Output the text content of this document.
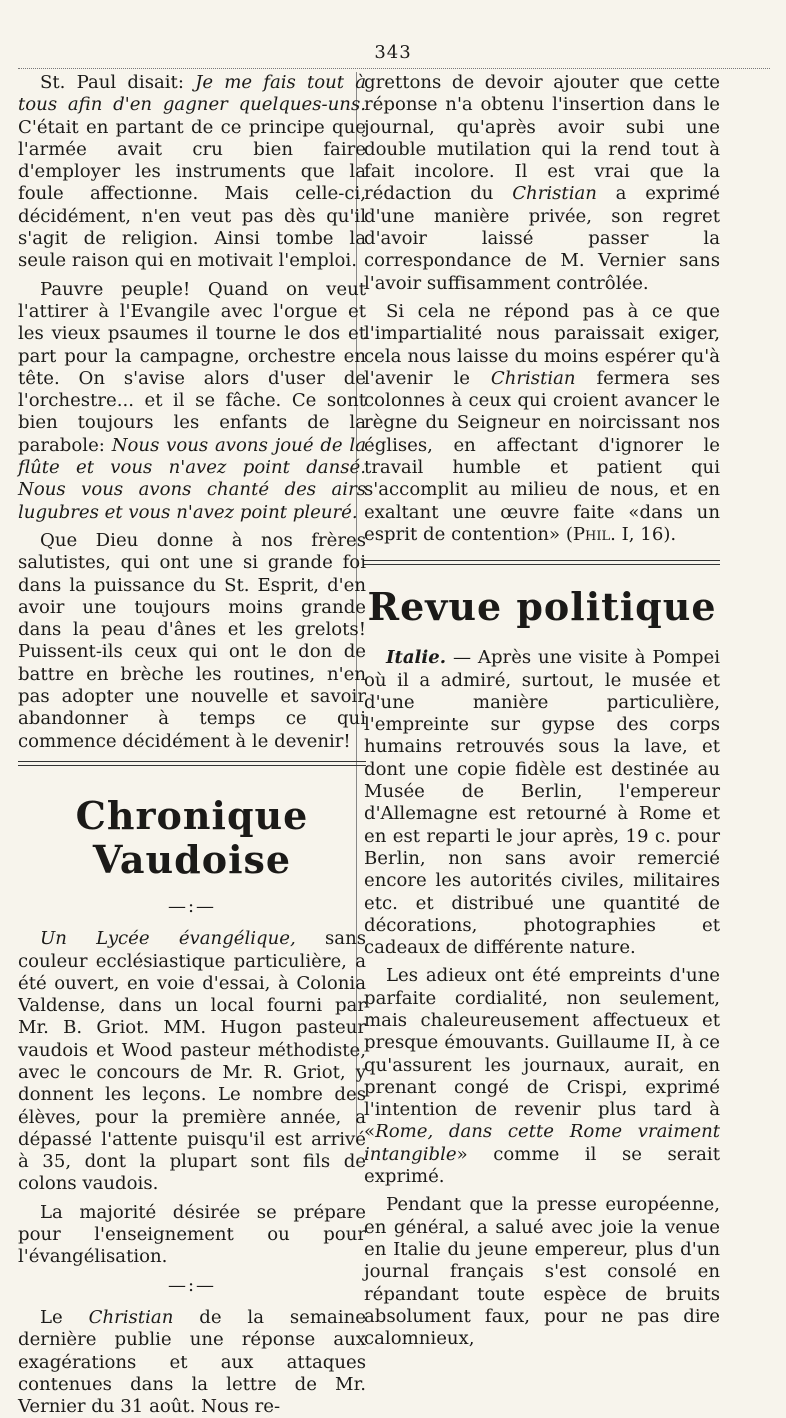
343

St. Paul disait: Je me fais tout à tous afin d'en gagner quelques-uns. C'était en partant de ce principe que l'armée avait cru bien faire d'employer les instruments que la foule affectionne. Mais celle-ci, décidément, n'en veut pas dès qu'il s'agit de religion. Ainsi tombe la seule raison qui en motivait l'emploi.

Pauvre peuple! Quand on veut l'attirer à l'Evangile avec l'orgue et les vieux psaumes il tourne le dos et part pour la campagne, orchestre en tête. On s'avise alors d'user de l'orchestre... et il se fâche. Ce sont bien toujours les enfants de la parabole: Nous vous avons joué de la flûte et vous n'avez point dansé. Nous vous avons chanté des airs lugubres et vous n'avez point pleuré.

Que Dieu donne à nos frères salutistes, qui ont une si grande foi dans la puissance du St. Esprit, d'en avoir une toujours moins grande dans la peau d'ânes et les grelots! Puissent-ils ceux qui ont le don de battre en brèche les routines, n'en pas adopter une nouvelle et savoir abandonner à temps ce qui commence décidément à le devenir!

Chronique Vaudoise
—:—

Un Lycée évangélique, sans couleur ecclésiastique particulière, a été ouvert, en voie d'essai, à Colonia Valdense, dans un local fourni par Mr. B. Griot. MM. Hugon pasteur vaudois et Wood pasteur méthodiste, avec le concours de Mr. R. Griot, y donnent les leçons. Le nombre des élèves, pour la première année, a dépassé l'attente puisqu'il est arrivé à 35, dont la plupart sont fils de colons vaudois.

La majorité désirée se prépare pour l'enseignement ou pour l'évangélisation.

—:—

Le Christian de la semaine dernière publie une réponse aux exagérations et aux attaques contenues dans la lettre de Mr. Vernier du 31 août. Nous re-

grettons de devoir ajouter que cette réponse n'a obtenu l'insertion dans le journal, qu'après avoir subi une double mutilation qui la rend tout à fait incolore. Il est vrai que la rédaction du Christian a exprimé d'une manière privée, son regret d'avoir laissé passer la correspondance de M. Vernier sans l'avoir suffisamment contrôlée.

Si cela ne répond pas à ce que l'impartialité nous paraissait exiger, cela nous laisse du moins espérer qu'à l'avenir le Christian fermera ses colonnes à ceux qui croient avancer le règne du Seigneur en noircissant nos églises, en affectant d'ignorer le travail humble et patient qui s'accomplit au milieu de nous, et en exaltant une œuvre faite «dans un esprit de contention» (Phil. I, 16).

Revue politique

Italie. — Après une visite à Pompei où il a admiré, surtout, le musée et d'une manière particulière, l'empreinte sur gypse des corps humains retrouvés sous la lave, et dont une copie fidèle est destinée au Musée de Berlin, l'empereur d'Allemagne est retourné à Rome et en est reparti le jour après, 19 c. pour Berlin, non sans avoir remercié encore les autorités civiles, militaires etc. et distribué une quantité de décorations, photographies et cadeaux de différente nature.

Les adieux ont été empreints d'une parfaite cordialité, non seulement, mais chaleureusement affectueux et presque émouvants. Guillaume II, à ce qu'assurent les journaux, aurait, en prenant congé de Crispi, exprimé l'intention de revenir plus tard à «Rome, dans cette Rome vraiment intangible» comme il se serait exprimé.

Pendant que la presse européenne, en général, a salué avec joie la venue en Italie du jeune empereur, plus d'un journal français s'est consolé en répandant toute espèce de bruits absolument faux, pour ne pas dire calomnieux,
